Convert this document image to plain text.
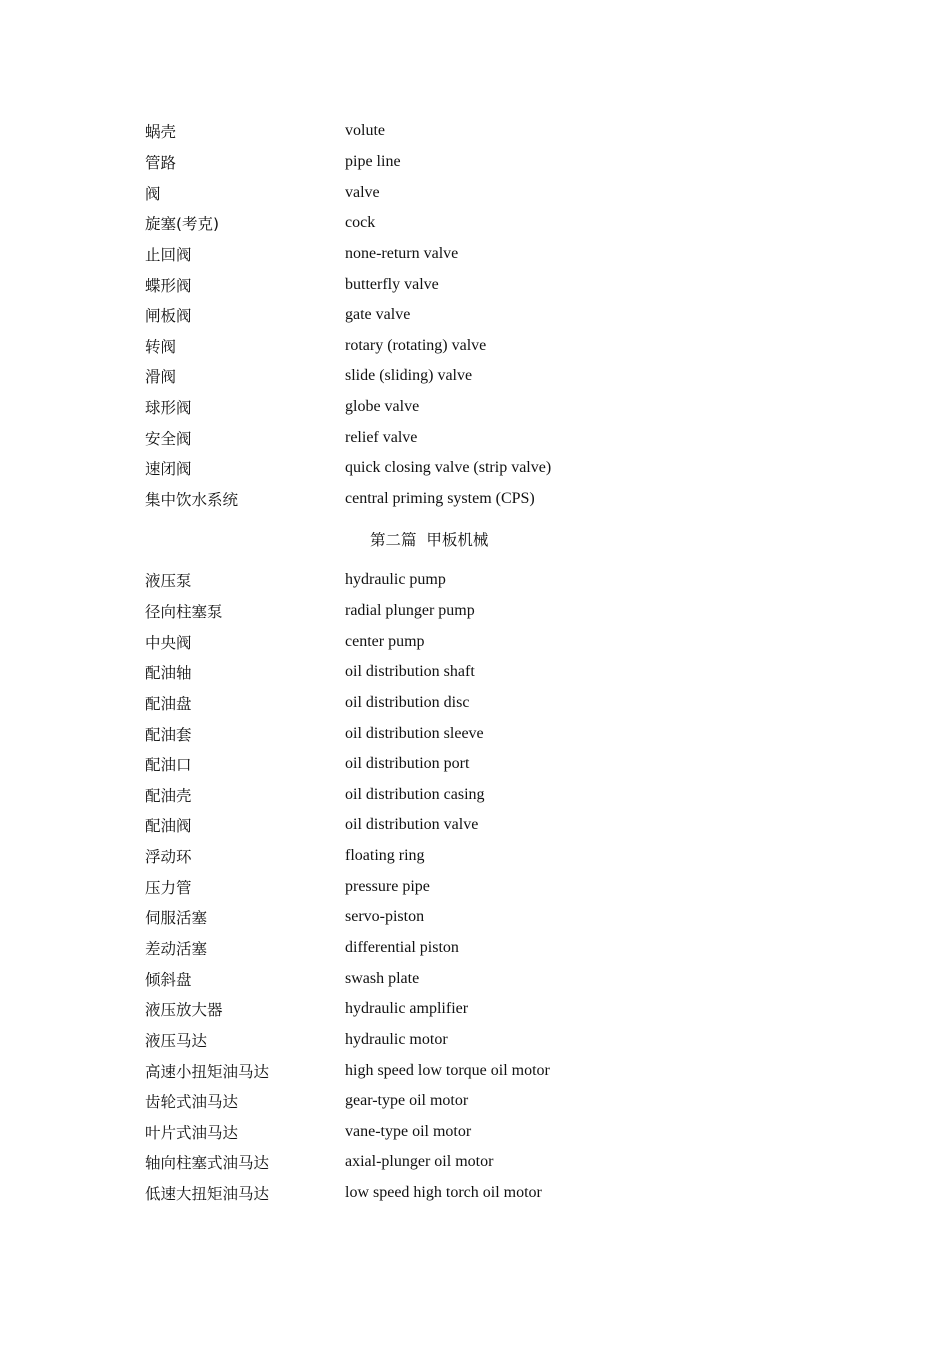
蜗壳	volute
管路	pipe line
阀	valve
旋塞(考克)	cock
止回阀	none-return valve
蝶形阀	butterfly valve
闸板阀	gate valve
转阀	rotary (rotating) valve
滑阀	slide (sliding) valve
球形阀	globe valve
安全阀	relief valve
速闭阀	quick closing valve (strip valve)
集中饮水系统	central priming system (CPS)
第二篇  甲板机械
液压泵	hydraulic pump
径向柱塞泵	radial plunger pump
中央阀	center pump
配油轴	oil distribution shaft
配油盘	oil distribution disc
配油套	oil distribution sleeve
配油口	oil distribution port
配油壳	oil distribution casing
配油阀	oil distribution valve
浮动环	floating ring
压力管	pressure pipe
伺服活塞	servo-piston
差动活塞	differential piston
倾斜盘	swash plate
液压放大器	hydraulic amplifier
液压马达	hydraulic motor
高速小扭矩油马达	high speed low torque oil motor
齿轮式油马达	gear-type oil motor
叶片式油马达	vane-type oil motor
轴向柱塞式油马达	axial-plunger oil motor
低速大扭矩油马达	low speed high torch oil motor
